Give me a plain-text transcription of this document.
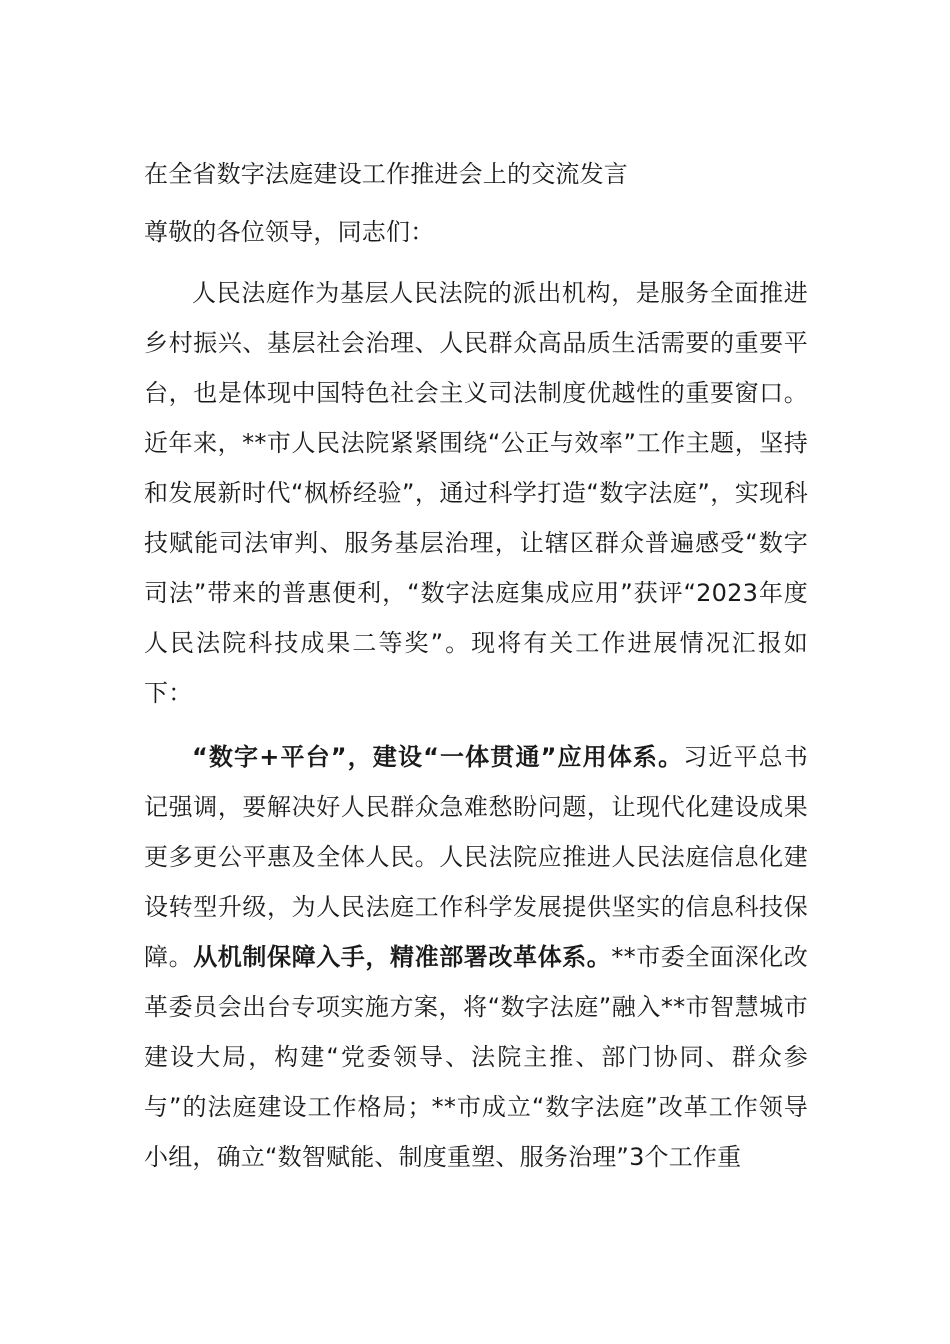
在全省数字法庭建设工作推进会上的交流发言

尊敬的各位领导，同志们：

人民法庭作为基层人民法院的派出机构，是服务全面推进乡村振兴、基层社会治理、人民群众高品质生活需要的重要平台，也是体现中国特色社会主义司法制度优越性的重要窗口。近年来，**市人民法院紧紧围绕“公正与效率”工作主题，坚持和发展新时代“枫桥经验”，通过科学打造“数字法庭”，实现科技赋能司法审判、服务基层治理，让辖区群众普遍感受“数字司法”带来的普惠便利，“数字法庭集成应用”获评“2023年度人民法院科技成果二等奖”。现将有关工作进展情况汇报如下：

“数字+平台”，建设“一体贯通”应用体系。习近平总书记强调，要解决好人民群众急难愁盼问题，让现代化建设成果更多更公平惠及全体人民。人民法院应推进人民法庭信息化建设转型升级，为人民法庭工作科学发展提供坚实的信息科技保障。从机制保障入手，精准部署改革体系。**市委全面深化改革委员会出台专项实施方案，将“数字法庭”融入**市智慧城市建设大局，构建“党委领导、法院主推、部门协同、群众参与”的法庭建设工作格局；**市成立“数字法庭”改革工作领导小组，确立“数智赋能、制度重塑、服务治理”3个工作重
